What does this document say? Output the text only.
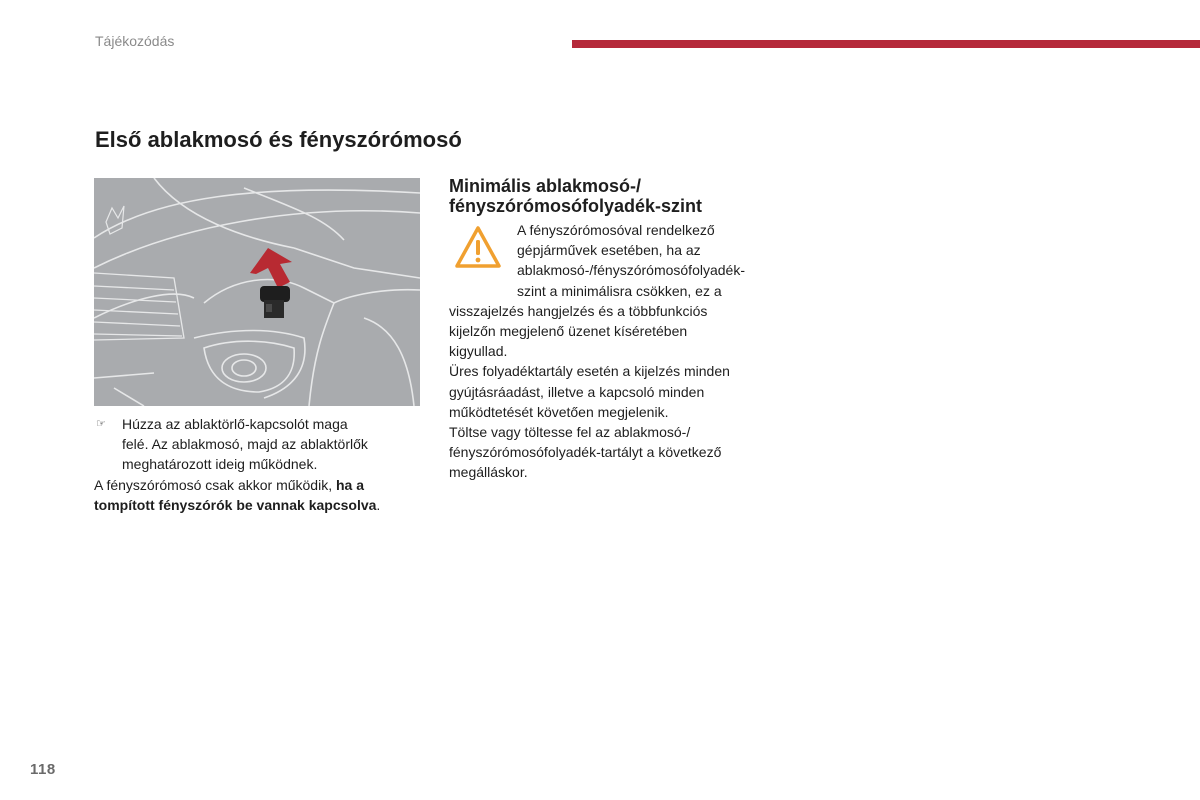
Tájékozódás
Első ablakmosó és fényszórómosó
☞	Húzza az ablaktörlő-kapcsolót maga
felé. Az ablakmosó, majd az ablaktörlők
meghatározott ideig működnek.

A fényszórómosó csak akkor működik, ha a
tompított fényszórók be vannak kapcsolva.

Minimális ablakmosó-/
fényszórómosófolyadék-szint
A fényszórómosóval rendelkező
gépjárművek esetében, ha az
ablakmosó-/fényszórómosófolyadék-
szint a minimálisra csökken, ez a

visszajelzés hangjelzés és a többfunkciós
kijelzőn megjelenő üzenet kíséretében
kigyullad.

Üres folyadéktartály esetén a kijelzés minden
gyújtásráadást, illetve a kapcsoló minden
működtetését követően megjelenik.

Töltse vagy töltesse fel az ablakmosó-/
fényszórómosófolyadék-tartályt a következő
megálláskor.

118
